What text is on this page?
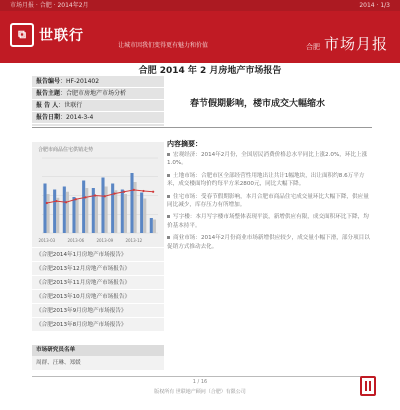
市场月报 · 合肥 · 2014年2月	2014 · 1/3
⧉ 世联行
让城市因我们变得更有魅力和价值	合肥 市场月报
合肥 2014 年 2 月房地产市场报告
报告编号：HF-201402
报告主题：合肥市房地产市场分析
报 告 人：世联行
报告日期：2014-3-4
春节假期影响，楼市成交大幅缩水
2013-03	2013-06	2013-09	2013-12
合肥市商品住宅供销走势
内容摘要：
宏观经济：2014年2月份，全国居民消费价格总水平同比上涨2.0%，环比上涨1.0%。
土地市场：合肥市区全部经营性用地出让共计1幅地块，出让面积约8.6万平方米，成交楼面均价约每平方米2800元，同比大幅下降。
住宅市场：受春节假期影响，本月合肥市商品住宅成交量环比大幅下降，供应量同比减少，库存压力有所增加。
写字楼：本月写字楼市场整体表现平淡，新增供应有限，成交面积环比下降，均价基本持平。
商业市场：2014年2月份商业市场新增供应较少，成交量小幅下滑，部分项目以促销方式推动去化。
《合肥2014年1月房地产市场报告》
《合肥2013年12月房地产市场报告》
《合肥2013年11月房地产市场报告》
《合肥2013年10月房地产市场报告》
《合肥2013年9月房地产市场报告》
《合肥2013年8月房地产市场报告》
市场研究员名单
周群、汪琳、郑媛
1 / 16
版权所有 世联地产顾问（合肥）有限公司
